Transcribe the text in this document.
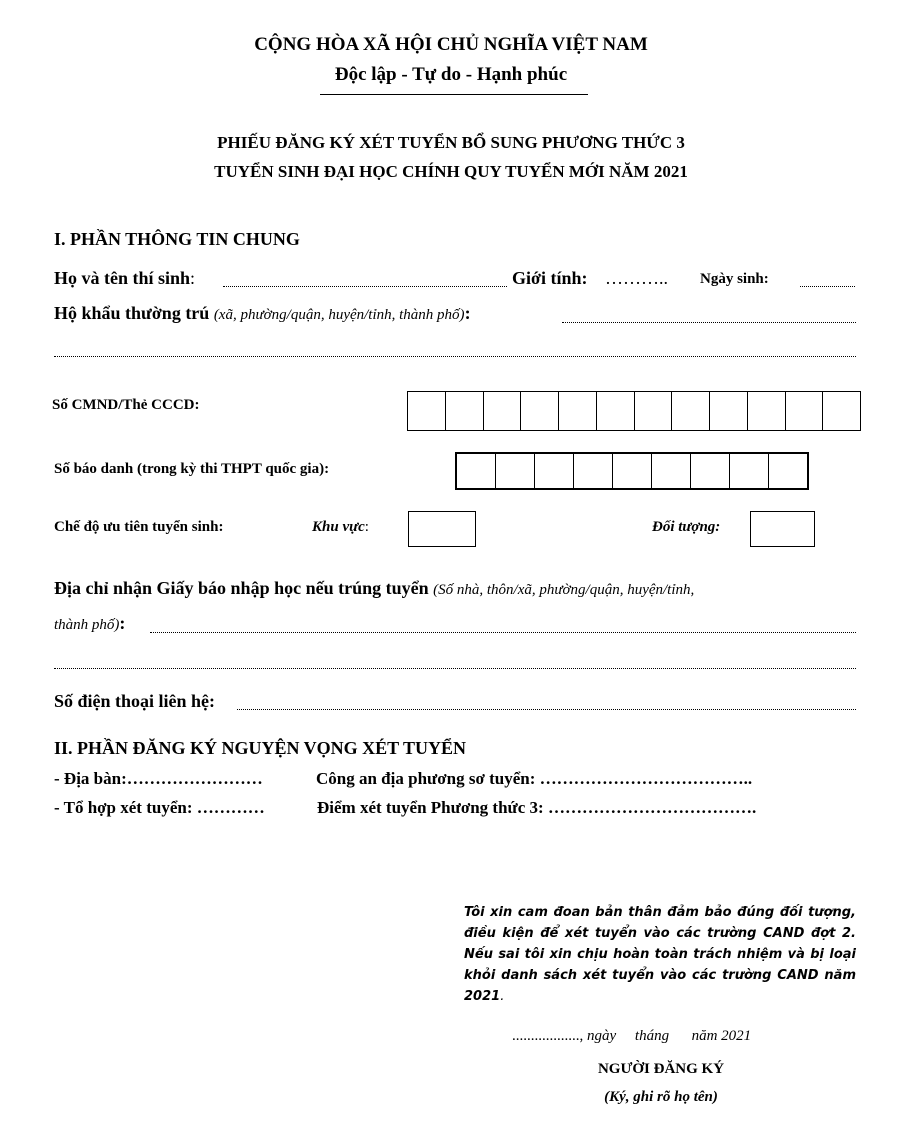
CỘNG HÒA XÃ HỘI CHỦ NGHĨA VIỆT NAM
Độc lập - Tự do - Hạnh phúc
PHIẾU ĐĂNG KÝ XÉT TUYỂN BỔ SUNG PHƯƠNG THỨC 3
TUYỂN SINH ĐẠI HỌC CHÍNH QUY TUYỂN MỚI NĂM 2021
I. PHẦN THÔNG TIN CHUNG
Họ và tên thí sinh:	Giới tính: ……….. Ngày sinh:
Hộ khẩu thường trú (xã, phường/quận, huyện/tỉnh, thành phố):
Số CMND/Thẻ CCCD:
Số báo danh (trong kỳ thi THPT quốc gia):
Chế độ ưu tiên tuyển sinh:	Khu vực:	Đối tượng:
Địa chỉ nhận Giấy báo nhập học nếu trúng tuyển (Số nhà, thôn/xã, phường/quận, huyện/tỉnh,
thành phố):
Số điện thoại liên hệ:
II. PHẦN ĐĂNG KÝ NGUYỆN VỌNG XÉT TUYỂN
- Địa bàn:……………………	Công an địa phương sơ tuyển: ………………………………..
- Tổ hợp xét tuyển: …………	Điểm xét tuyển Phương thức 3: ……………………………….
Tôi xin cam đoan bản thân đảm bảo đúng đối tượng, điều kiện để xét tuyển vào các trường CAND đợt 2. Nếu sai tôi xin chịu hoàn toàn trách nhiệm và bị loại khỏi danh sách xét tuyển vào các trường CAND năm 2021.
.................., ngày     tháng      năm 2021
NGƯỜI ĐĂNG KÝ
(Ký, ghi rõ họ tên)
